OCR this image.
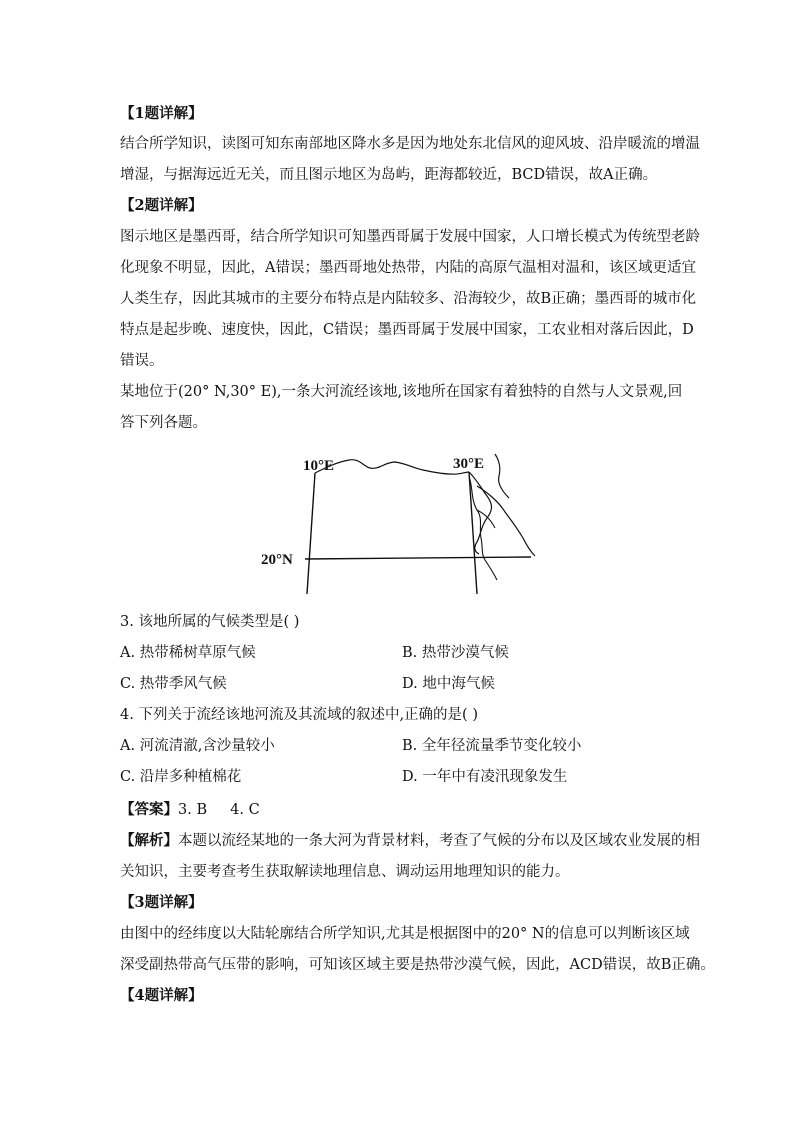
【1题详解】
结合所学知识，读图可知东南部地区降水多是因为地处东北信风的迎风坡、沿岸暖流的增温
增湿，与据海远近无关，而且图示地区为岛屿，距海都较近，BCD错误，故A正确。
【2题详解】
图示地区是墨西哥，结合所学知识可知墨西哥属于发展中国家，人口增长模式为传统型老龄
化现象不明显，因此，A错误；墨西哥地处热带，内陆的高原气温相对温和，该区域更适宜
人类生存，因此其城市的主要分布特点是内陆较多、沿海较少，故B正确；墨西哥的城市化
特点是起步晚、速度快，因此，C错误；墨西哥属于发展中国家，工农业相对落后因此，D
错误。
某地位于(20° N,30° E),一条大河流经该地,该地所在国家有着独特的自然与人文景观,回
答下列各题。
10°E	30°E
20°N
3. 该地所属的气候类型是( )
A. 热带稀树草原气候	B. 热带沙漠气候
C. 热带季风气候	D. 地中海气候
4. 下列关于流经该地河流及其流域的叙述中,正确的是( )
A. 河流清澈,含沙量较小	B. 全年径流量季节变化较小
C. 沿岸多种植棉花	D. 一年中有凌汛现象发生
【答案】3. B     4. C
【解析】本题以流经某地的一条大河为背景材料，考查了气候的分布以及区域农业发展的相
关知识，主要考查考生获取解读地理信息、调动运用地理知识的能力。
【3题详解】
由图中的经纬度以大陆轮廓结合所学知识,尤其是根据图中的20° N的信息可以判断该区域
深受副热带高气压带的影响，可知该区域主要是热带沙漠气候，因此，ACD错误，故B正确。
【4题详解】
